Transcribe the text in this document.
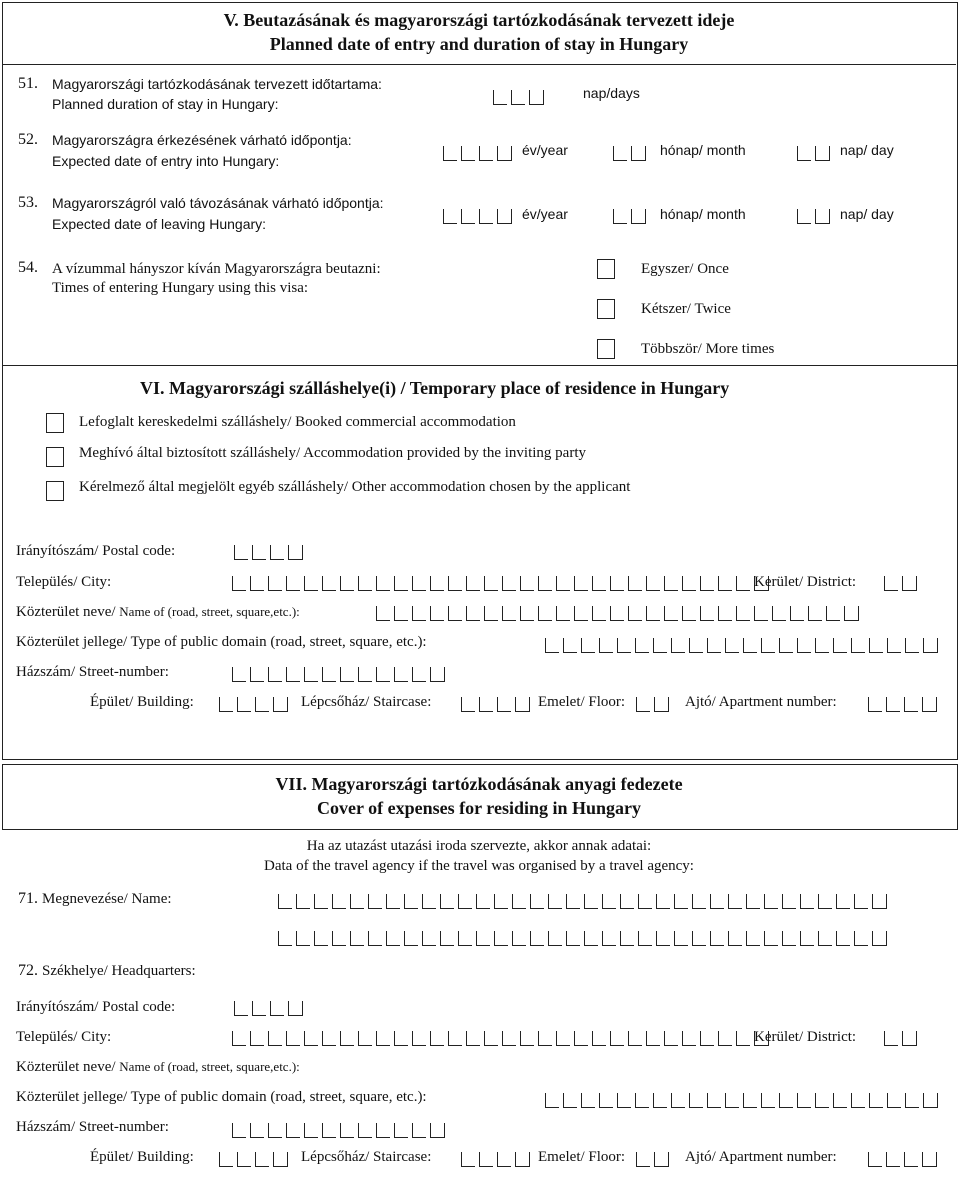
V. Beutazásának és magyarországi tartózkodásának tervezett ideje
Planned date of entry and duration of stay in Hungary
51. Magyarországi tartózkodásának tervezett időtartama:
Planned duration of stay in Hungary:
nap/days
52. Magyarországra érkezésének várható időpontja:
Expected date of entry into Hungary:
év/year	hónap/ month	nap/ day
53. Magyarországról való távozásának várható időpontja:
Expected date of leaving Hungary:
év/year	hónap/ month	nap/ day
54. A vízummal hányszor kíván Magyarországra beutazni:
Times of entering Hungary using this visa:
Egyszer/ Once
Kétszer/ Twice
Többször/ More times
VI. Magyarországi szálláshelye(i) / Temporary place of residence in Hungary
Lefoglalt kereskedelmi szálláshely/ Booked commercial accommodation
Meghívó által biztosított szálláshely/ Accommodation provided by the inviting party
Kérelmező által megjelölt egyéb szálláshely/ Other accommodation chosen by the applicant
Irányítószám/ Postal code:
Település/ City:	Kerület/ District:
Közterület neve/ Name of (road, street, square,etc.):
Közterület jellege/ Type of public domain (road, street, square, etc.):
Házszám/ Street-number:
Épület/ Building:	Lépcsőház/ Staircase:	Emelet/ Floor:	Ajtó/ Apartment number:
VII. Magyarországi tartózkodásának anyagi fedezete
Cover of expenses for residing in Hungary
Ha az utazást utazási iroda szervezte, akkor annak adatai:
Data of the travel agency if the travel was organised by a travel agency:
71. Megnevezése/ Name:
72. Székhelye/ Headquarters:
Irányítószám/ Postal code:
Település/ City:	Kerület/ District:
Közterület neve/ Name of (road, street, square,etc.):
Közterület jellege/ Type of public domain (road, street, square, etc.):
Házszám/ Street-number:
Épület/ Building:	Lépcsőház/ Staircase:	Emelet/ Floor:	Ajtó/ Apartment number:
